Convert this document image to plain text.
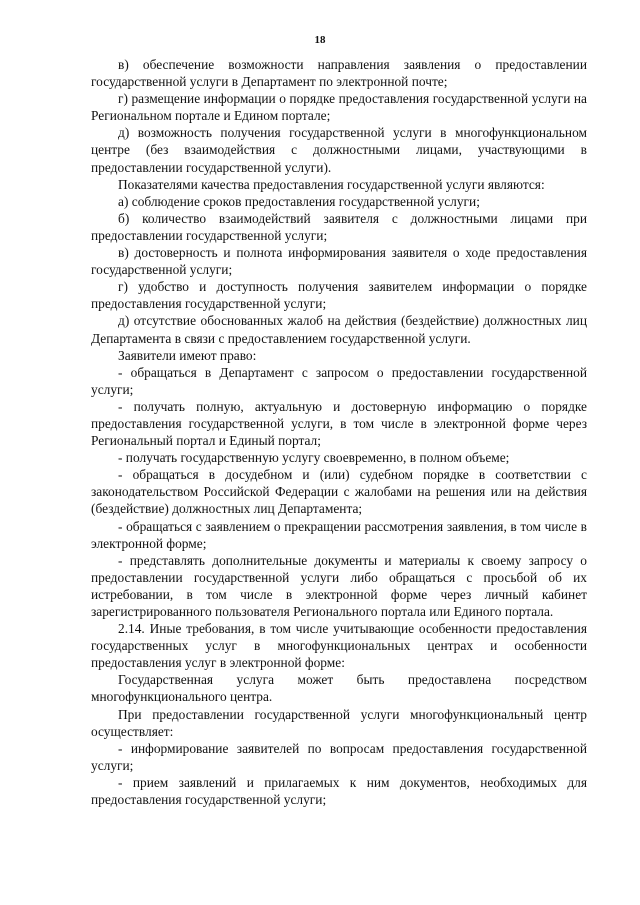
18

в) обеспечение возможности направления заявления о предоставлении государственной услуги в Департамент по электронной почте;

г) размещение информации о порядке предоставления государственной услуги на Региональном портале и Едином портале;

д) возможность получения государственной услуги в многофункциональном центре (без взаимодействия с должностными лицами, участвующими в предоставлении государственной услуги).

Показателями качества предоставления государственной услуги являются:

а) соблюдение сроков предоставления государственной услуги;

б) количество взаимодействий заявителя с должностными лицами при предоставлении государственной услуги;

в) достоверность и полнота информирования заявителя о ходе предоставления государственной услуги;

г) удобство и доступность получения заявителем информации о порядке предоставления государственной услуги;

д) отсутствие обоснованных жалоб на действия (бездействие) должностных лиц Департамента в связи с предоставлением государственной услуги.

Заявители имеют право:

- обращаться в Департамент с запросом о предоставлении государственной услуги;

- получать полную, актуальную и достоверную информацию о порядке предоставления государственной услуги, в том числе в электронной форме через Региональный портал и Единый портал;

- получать государственную услугу своевременно, в полном объеме;

- обращаться в досудебном и (или) судебном порядке в соответствии с законодательством Российской Федерации с жалобами на решения или на действия (бездействие) должностных лиц Департамента;

- обращаться с заявлением о прекращении рассмотрения заявления, в том числе в электронной форме;

- представлять дополнительные документы и материалы к своему запросу о предоставлении государственной услуги либо обращаться с просьбой об их истребовании, в том числе в электронной форме через личный кабинет зарегистрированного пользователя Регионального портала или Единого портала.

2.14. Иные требования, в том числе учитывающие особенности предоставления государственных услуг в многофункциональных центрах и особенности предоставления услуг в электронной форме:

Государственная услуга может быть предоставлена посредством многофункционального центра.

При предоставлении государственной услуги многофункциональный центр осуществляет:

- информирование заявителей по вопросам предоставления государственной услуги;

- прием заявлений и прилагаемых к ним документов, необходимых для предоставления государственной услуги;
